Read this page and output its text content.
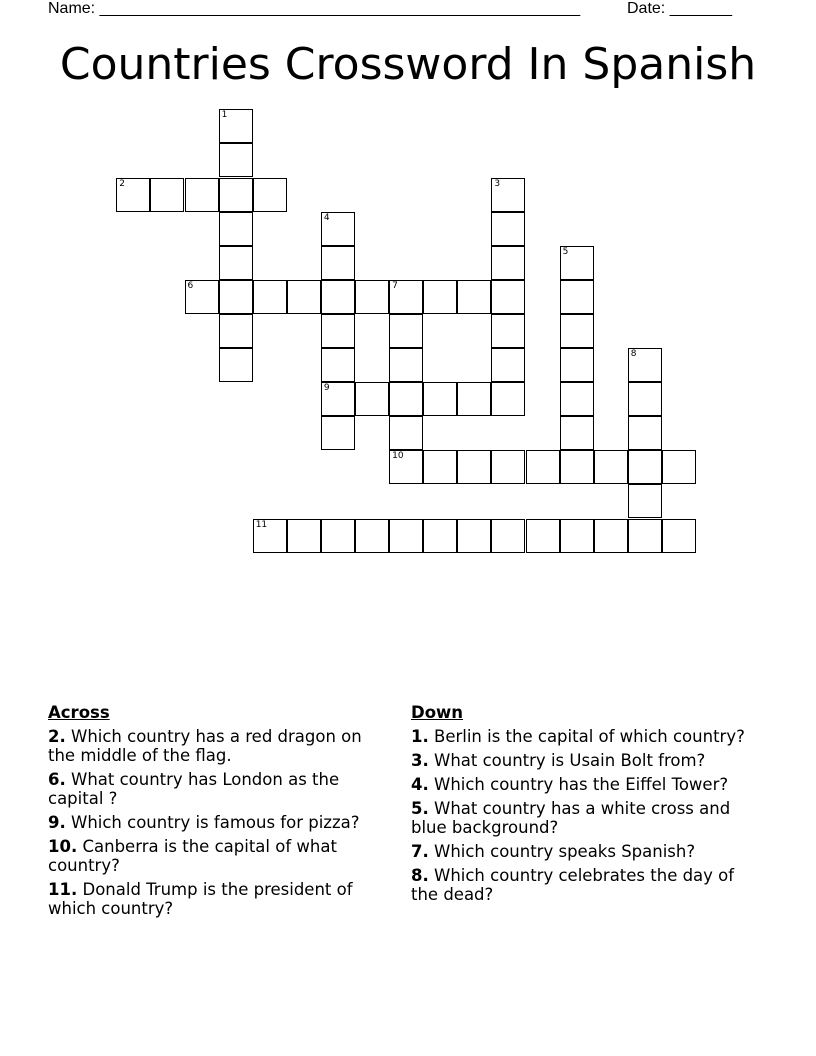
Name: ______________________________________________________	Date: _______
Countries Crossword In Spanish
1
2	3
4
5
6	7
8
9
10
11
Across
2. Which country has a red dragon on the middle of the flag.
6. What country has London as the capital ?
9. Which country is famous for pizza?
10. Canberra is the capital of what country?
11. Donald Trump is the president of which country?
Down
1. Berlin is the capital of which country?
3. What country is Usain Bolt from?
4. Which country has the Eiffel Tower?
5. What country has a white cross and blue background?
7. Which country speaks Spanish?
8. Which country celebrates the day of the dead?
